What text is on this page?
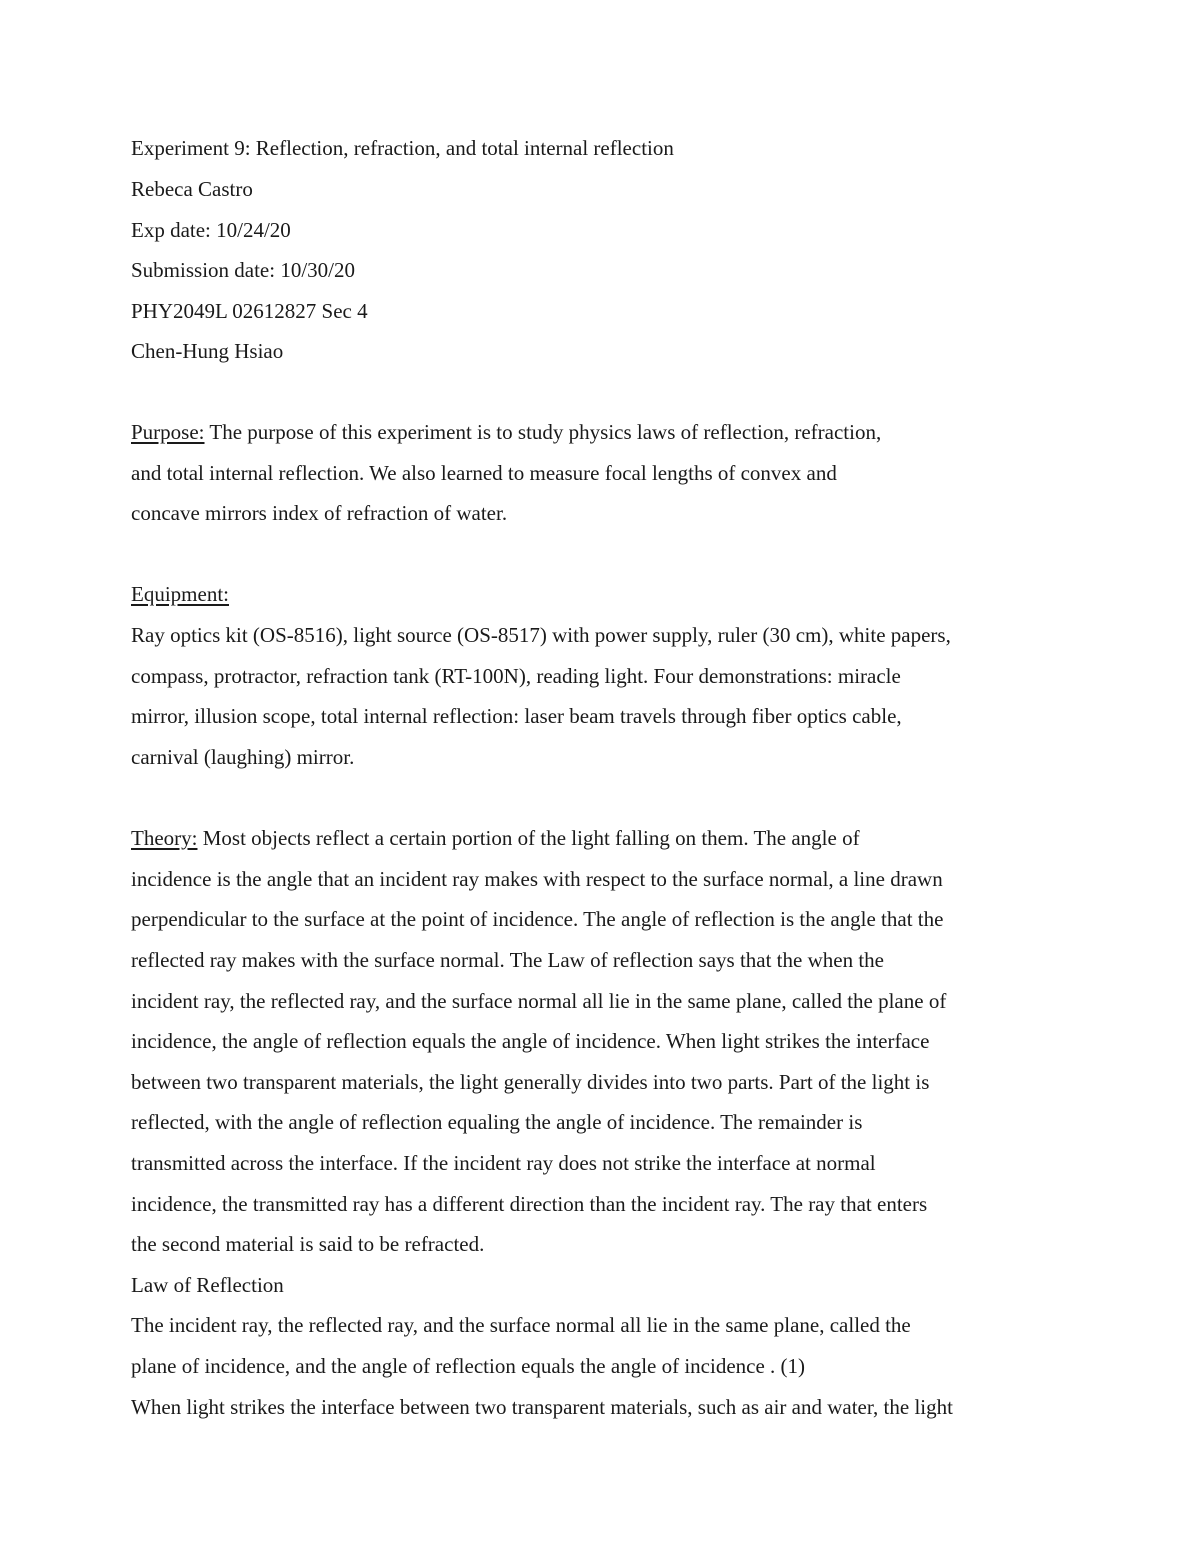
Experiment 9: Reflection, refraction, and total internal reflection
Rebeca Castro
Exp date: 10/24/20
Submission date: 10/30/20
PHY2049L 02612827 Sec 4
Chen-Hung Hsiao
Purpose: The purpose of this experiment is to study physics laws of reflection, refraction,
and total internal reflection. We also learned to measure focal lengths of convex and
concave mirrors index of refraction of water.
Equipment:
Ray optics kit (OS-8516), light source (OS-8517) with power supply, ruler (30 cm), white papers,
compass, protractor, refraction tank (RT-100N), reading light. Four demonstrations: miracle
mirror, illusion scope, total internal reflection: laser beam travels through fiber optics cable,
carnival (laughing) mirror.
Theory: Most objects reflect a certain portion of the light falling on them. The angle of
incidence is the angle that an incident ray makes with respect to the surface normal, a line drawn
perpendicular to the surface at the point of incidence. The angle of reflection is the angle that the
reflected ray makes with the surface normal. The Law of reflection says that the when the
incident ray, the reflected ray, and the surface normal all lie in the same plane, called the plane of
incidence, the angle of reflection equals the angle of incidence. When light strikes the interface
between two transparent materials, the light generally divides into two parts. Part of the light is
reflected, with the angle of reflection equaling the angle of incidence. The remainder is
transmitted across the interface. If the incident ray does not strike the interface at normal
incidence, the transmitted ray has a different direction than the incident ray. The ray that enters
the second material is said to be refracted.
Law of Reflection
The incident ray, the reflected ray, and the surface normal all lie in the same plane, called the
plane of incidence, and the angle of reflection equals the angle of incidence . (1)
When light strikes the interface between two transparent materials, such as air and water, the light
